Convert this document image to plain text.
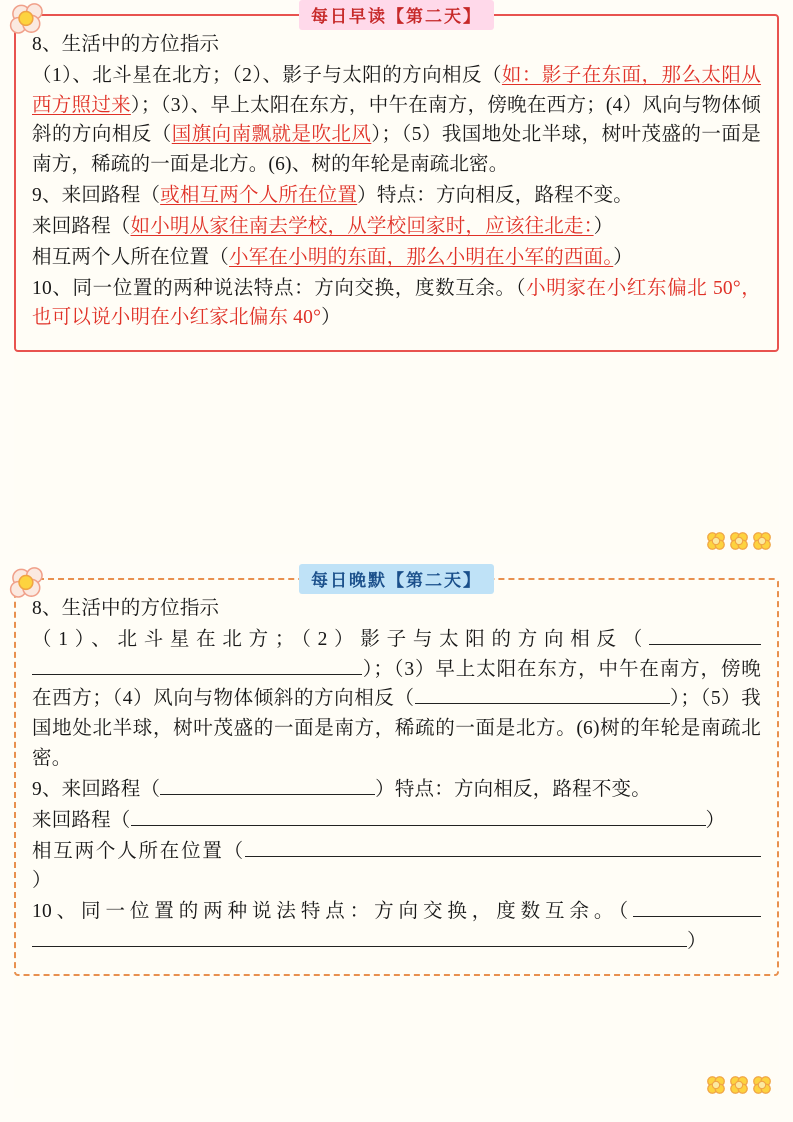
每日早读【第二天】
8、生活中的方位指示
（1）、北斗星在北方；（2）、影子与太阳的方向相反（如：影子在东面，那么太阳从西方照过来）；（3）、早上太阳在东方，中午在南方，傍晚在西方；(4）风向与物体倾斜的方向相反（国旗向南飘就是吹北风）；（5）我国地处北半球，树叶茂盛的一面是南方，稀疏的一面是北方。(6)、树的年轮是南疏北密。
9、来回路程（或相互两个人所在位置）特点：方向相反，路程不变。
来回路程（如小明从家往南去学校，从学校回家时，应该往北走：）
相互两个人所在位置（小军在小明的东面，那么小明在小军的西面。）
10、同一位置的两种说法特点：方向交换，度数互余。（小明家在小红东偏北 50°，也可以说小明在小红家北偏东 40°）
每日晚默【第二天】
8、生活中的方位指示
（1）、北斗星在北方；（2）影子与太阳的方向相反（）；（3）早上太阳在东方，中午在南方，傍晚在西方；（4）风向与物体倾斜的方向相反（	）；（5）我国地处北半球，树叶茂盛的一面是南方，稀疏的一面是北方。(6)树的年轮是南疏北密。
9、来回路程（	）特点：方向相反，路程不变。
来回路程（	）
相互两个人所在位置（）
10、同一位置的两种说法特点：方向交换，度数互余。（）
